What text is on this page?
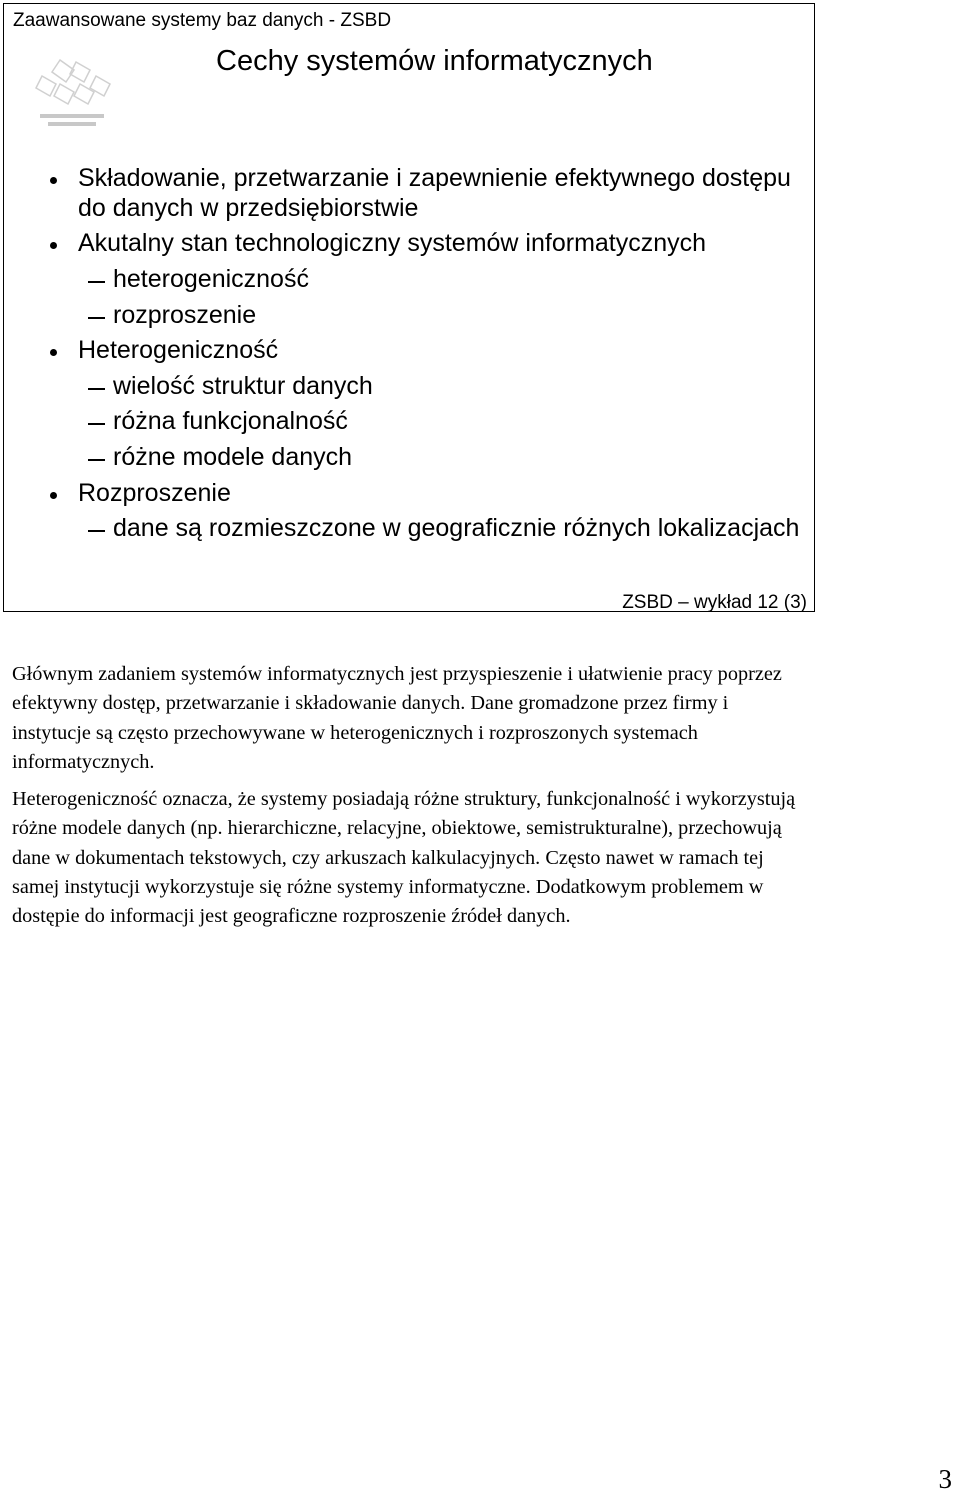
Zaawansowane systemy baz danych - ZSBD
Cechy systemów informatycznych
Składowanie, przetwarzanie i zapewnienie efektywnego dostępu do danych w przedsiębiorstwie
Akutalny stan technologiczny systemów informatycznych
heterogeniczność
rozproszenie
Heterogeniczność
wielość struktur danych
różna funkcjonalność
różne modele danych
Rozproszenie
dane są rozmieszczone w geograficznie różnych lokalizacjach
ZSBD – wykład 12 (3)

Głównym zadaniem systemów informatycznych jest przyspieszenie i ułatwienie pracy poprzez efektywny dostęp, przetwarzanie i składowanie danych. Dane gromadzone przez firmy i instytucje są często przechowywane w heterogenicznych i rozproszonych systemach informatycznych.

Heterogeniczność oznacza, że systemy posiadają różne struktury, funkcjonalność i wykorzystują różne modele danych (np. hierarchiczne, relacyjne, obiektowe, semistrukturalne), przechowują dane w dokumentach tekstowych, czy arkuszach kalkulacyjnych. Często nawet w ramach tej samej instytucji wykorzystuje się różne systemy informatyczne. Dodatkowym problemem w dostępie do informacji jest geograficzne rozproszenie źródeł danych.

3
